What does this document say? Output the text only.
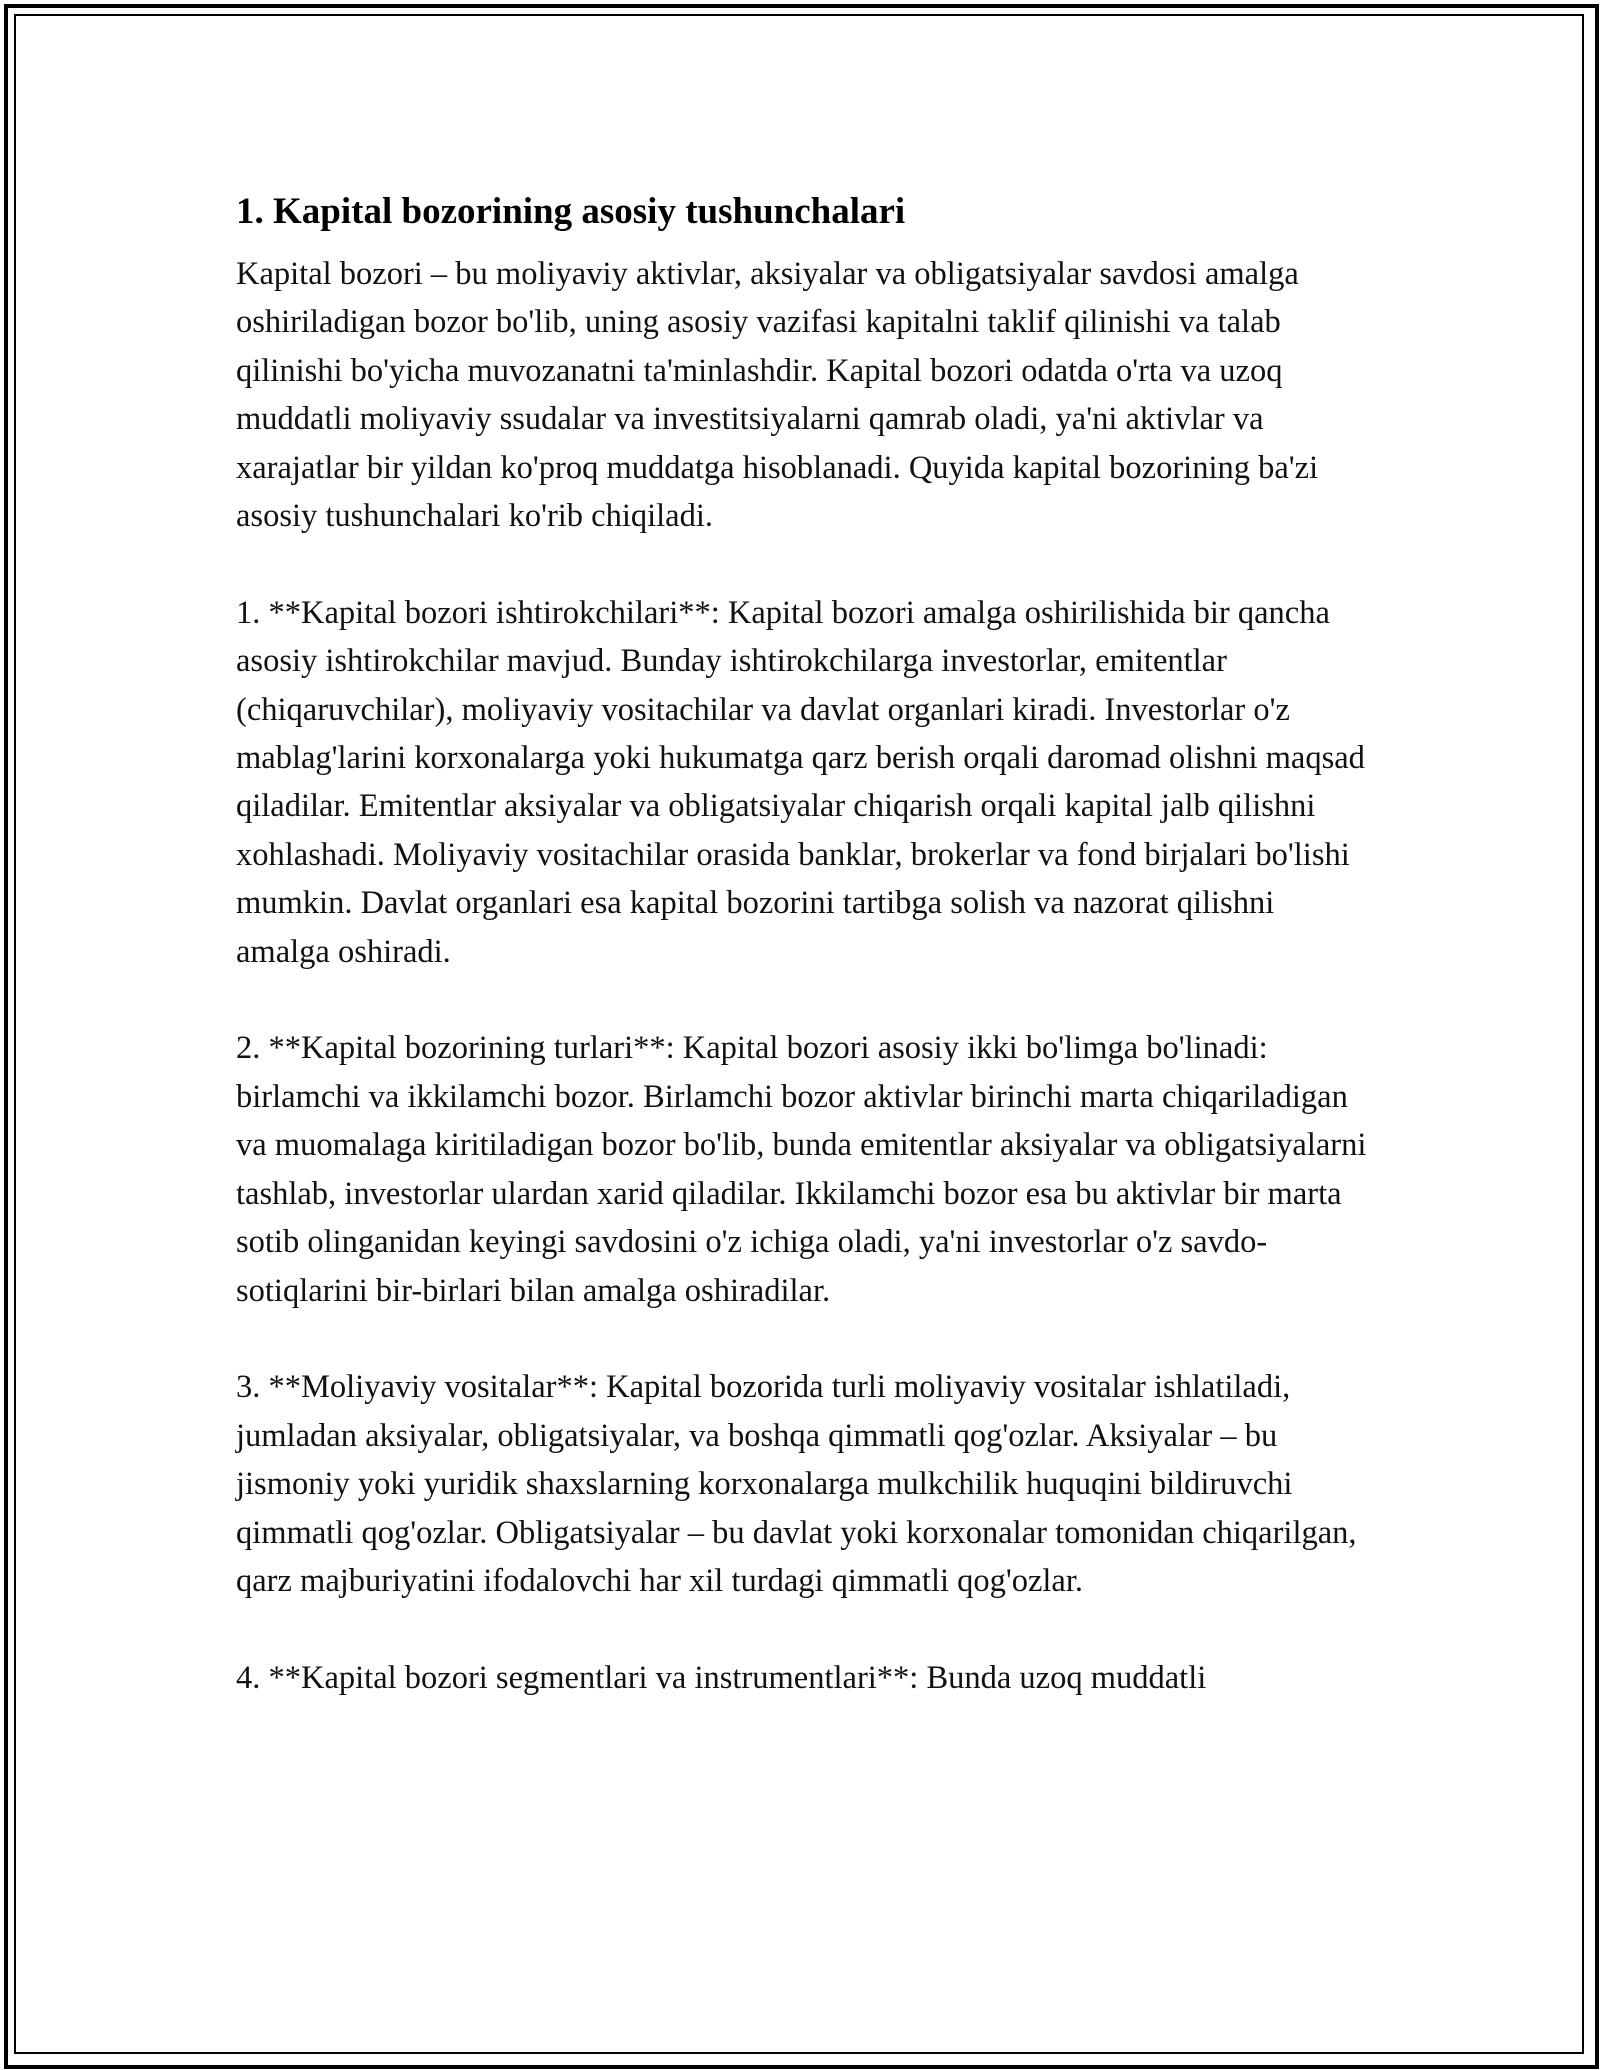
1. Kapital bozorining asosiy tushunchalari

Kapital bozori – bu moliyaviy aktivlar, aksiyalar va obligatsiyalar savdosi amalga oshiriladigan bozor bo'lib, uning asosiy vazifasi kapitalni taklif qilinishi va talab qilinishi bo'yicha muvozanatni ta'minlashdir. Kapital bozori odatda o'rta va uzoq muddatli moliyaviy ssudalar va investitsiyalarni qamrab oladi, ya'ni aktivlar va xarajatlar bir yildan ko'proq muddatga hisoblanadi. Quyida kapital bozorining ba'zi asosiy tushunchalari ko'rib chiqiladi.

1. **Kapital bozori ishtirokchilari**: Kapital bozori amalga oshirilishida bir qancha asosiy ishtirokchilar mavjud. Bunday ishtirokchilarga investorlar, emitentlar (chiqaruvchilar), moliyaviy vositachilar va davlat organlari kiradi. Investorlar o'z mablag'larini korxonalarga yoki hukumatga qarz berish orqali daromad olishni maqsad qiladilar. Emitentlar aksiyalar va obligatsiyalar chiqarish orqali kapital jalb qilishni xohlashadi. Moliyaviy vositachilar orasida banklar, brokerlar va fond birjalari bo'lishi mumkin. Davlat organlari esa kapital bozorini tartibga solish va nazorat qilishni amalga oshiradi.

2. **Kapital bozorining turlari**: Kapital bozori asosiy ikki bo'limga bo'linadi: birlamchi va ikkilamchi bozor. Birlamchi bozor aktivlar birinchi marta chiqariladigan va muomalaga kiritiladigan bozor bo'lib, bunda emitentlar aksiyalar va obligatsiyalarni tashlab, investorlar ulardan xarid qiladilar. Ikkilamchi bozor esa bu aktivlar bir marta sotib olinganidan keyingi savdosini o'z ichiga oladi, ya'ni investorlar o'z savdo-sotiqlarini bir-birlari bilan amalga oshiradilar.

3. **Moliyaviy vositalar**: Kapital bozorida turli moliyaviy vositalar ishlatiladi, jumladan aksiyalar, obligatsiyalar, va boshqa qimmatli qog'ozlar. Aksiyalar – bu jismoniy yoki yuridik shaxslarning korxonalarga mulkchilik huquqini bildiruvchi qimmatli qog'ozlar. Obligatsiyalar – bu davlat yoki korxonalar tomonidan chiqarilgan, qarz majburiyatini ifodalovchi har xil turdagi qimmatli qog'ozlar.

4. **Kapital bozori segmentlari va instrumentlari**: Bunda uzoq muddatli
